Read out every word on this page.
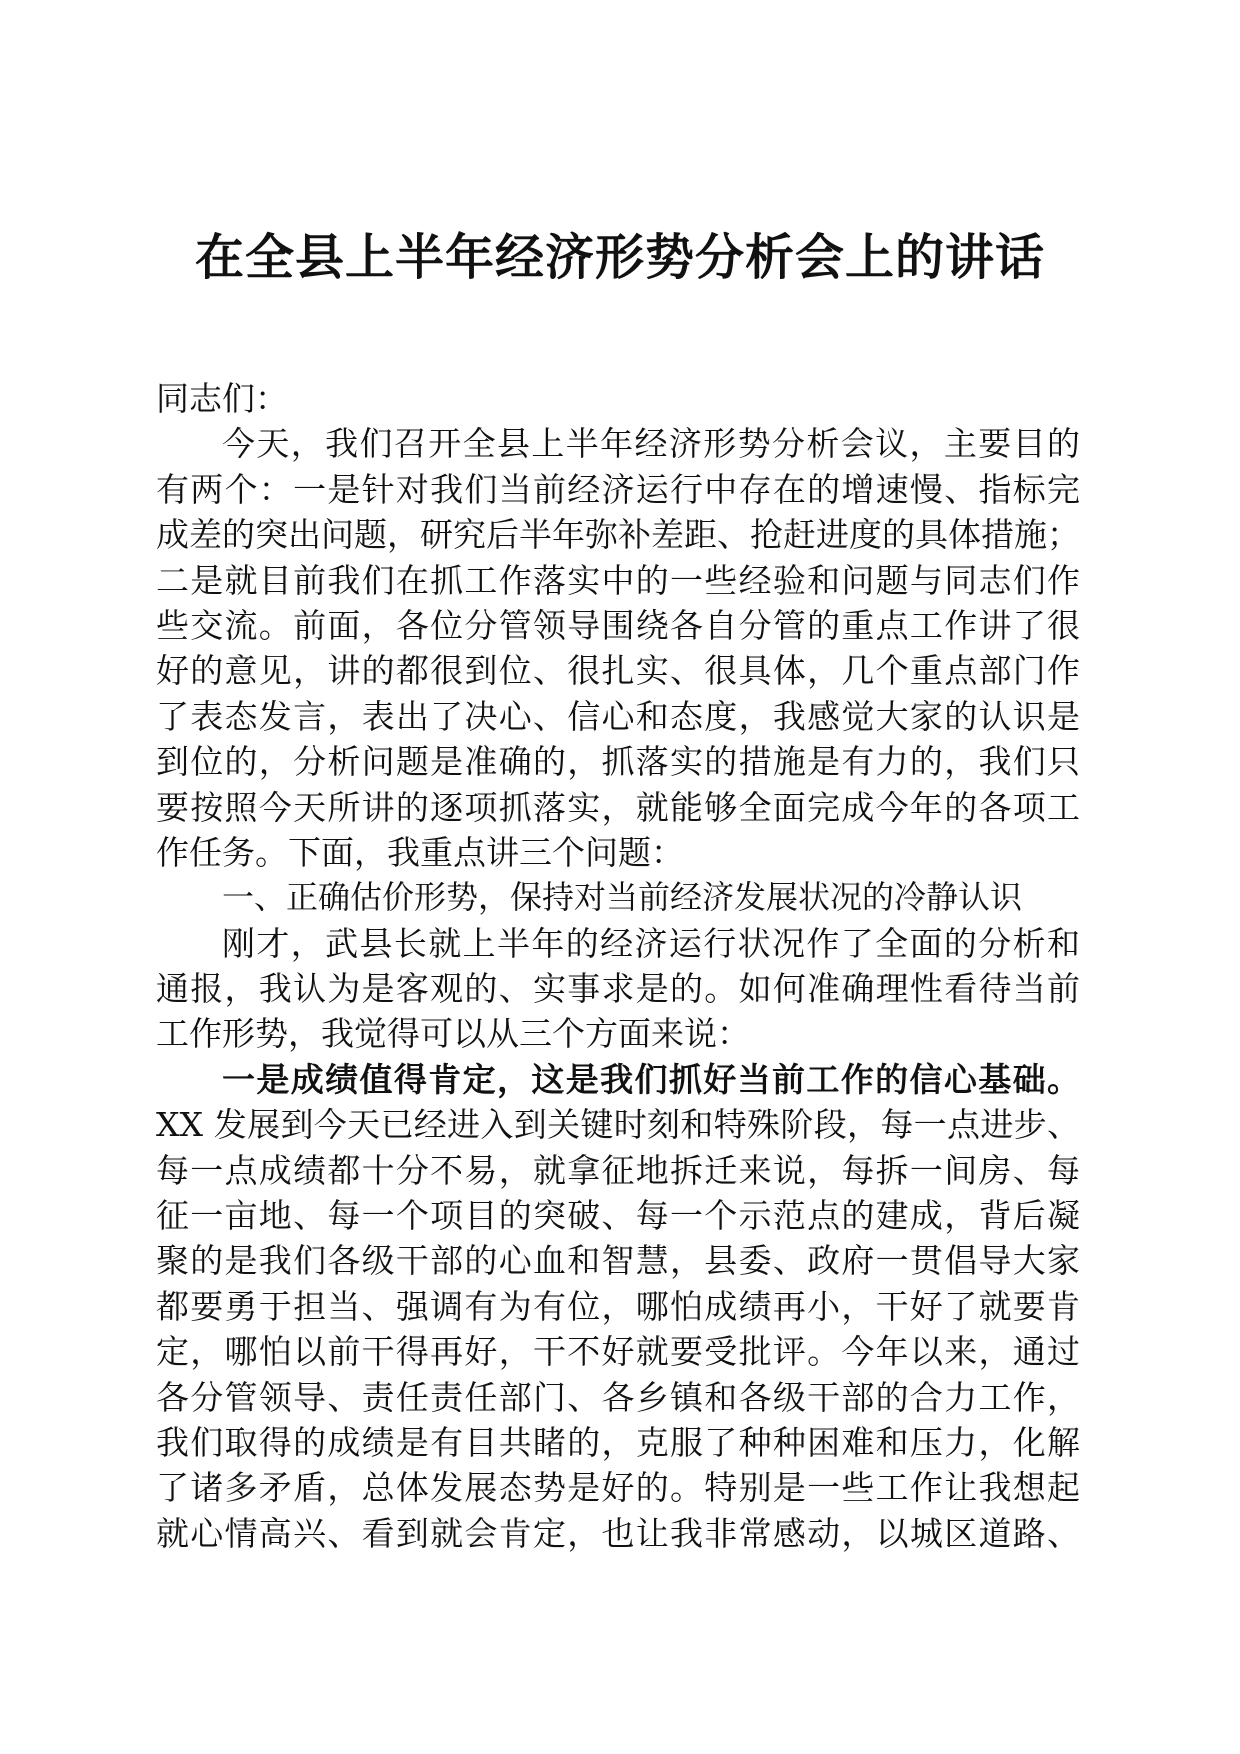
在全县上半年经济形势分析会上的讲话
同志们：
今天，我们召开全县上半年经济形势分析会议，主要目的
有两个：一是针对我们当前经济运行中存在的增速慢、指标完
成差的突出问题，研究后半年弥补差距、抢赶进度的具体措施；
二是就目前我们在抓工作落实中的一些经验和问题与同志们作
些交流。前面，各位分管领导围绕各自分管的重点工作讲了很
好的意见，讲的都很到位、很扎实、很具体，几个重点部门作
了表态发言，表出了决心、信心和态度，我感觉大家的认识是
到位的，分析问题是准确的，抓落实的措施是有力的，我们只
要按照今天所讲的逐项抓落实，就能够全面完成今年的各项工
作任务。下面，我重点讲三个问题：
一、正确估价形势，保持对当前经济发展状况的冷静认识
刚才，武县长就上半年的经济运行状况作了全面的分析和
通报，我认为是客观的、实事求是的。如何准确理性看待当前
工作形势，我觉得可以从三个方面来说：
一是成绩值得肯定，这是我们抓好当前工作的信心基础。
XX 发展到今天已经进入到关键时刻和特殊阶段，每一点进步、
每一点成绩都十分不易，就拿征地拆迁来说，每拆一间房、每
征一亩地、每一个项目的突破、每一个示范点的建成，背后凝
聚的是我们各级干部的心血和智慧，县委、政府一贯倡导大家
都要勇于担当、强调有为有位，哪怕成绩再小，干好了就要肯
定，哪怕以前干得再好，干不好就要受批评。今年以来，通过
各分管领导、责任责任部门、各乡镇和各级干部的合力工作，
我们取得的成绩是有目共睹的，克服了种种困难和压力，化解
了诸多矛盾，总体发展态势是好的。特别是一些工作让我想起
就心情高兴、看到就会肯定，也让我非常感动，以城区道路、
